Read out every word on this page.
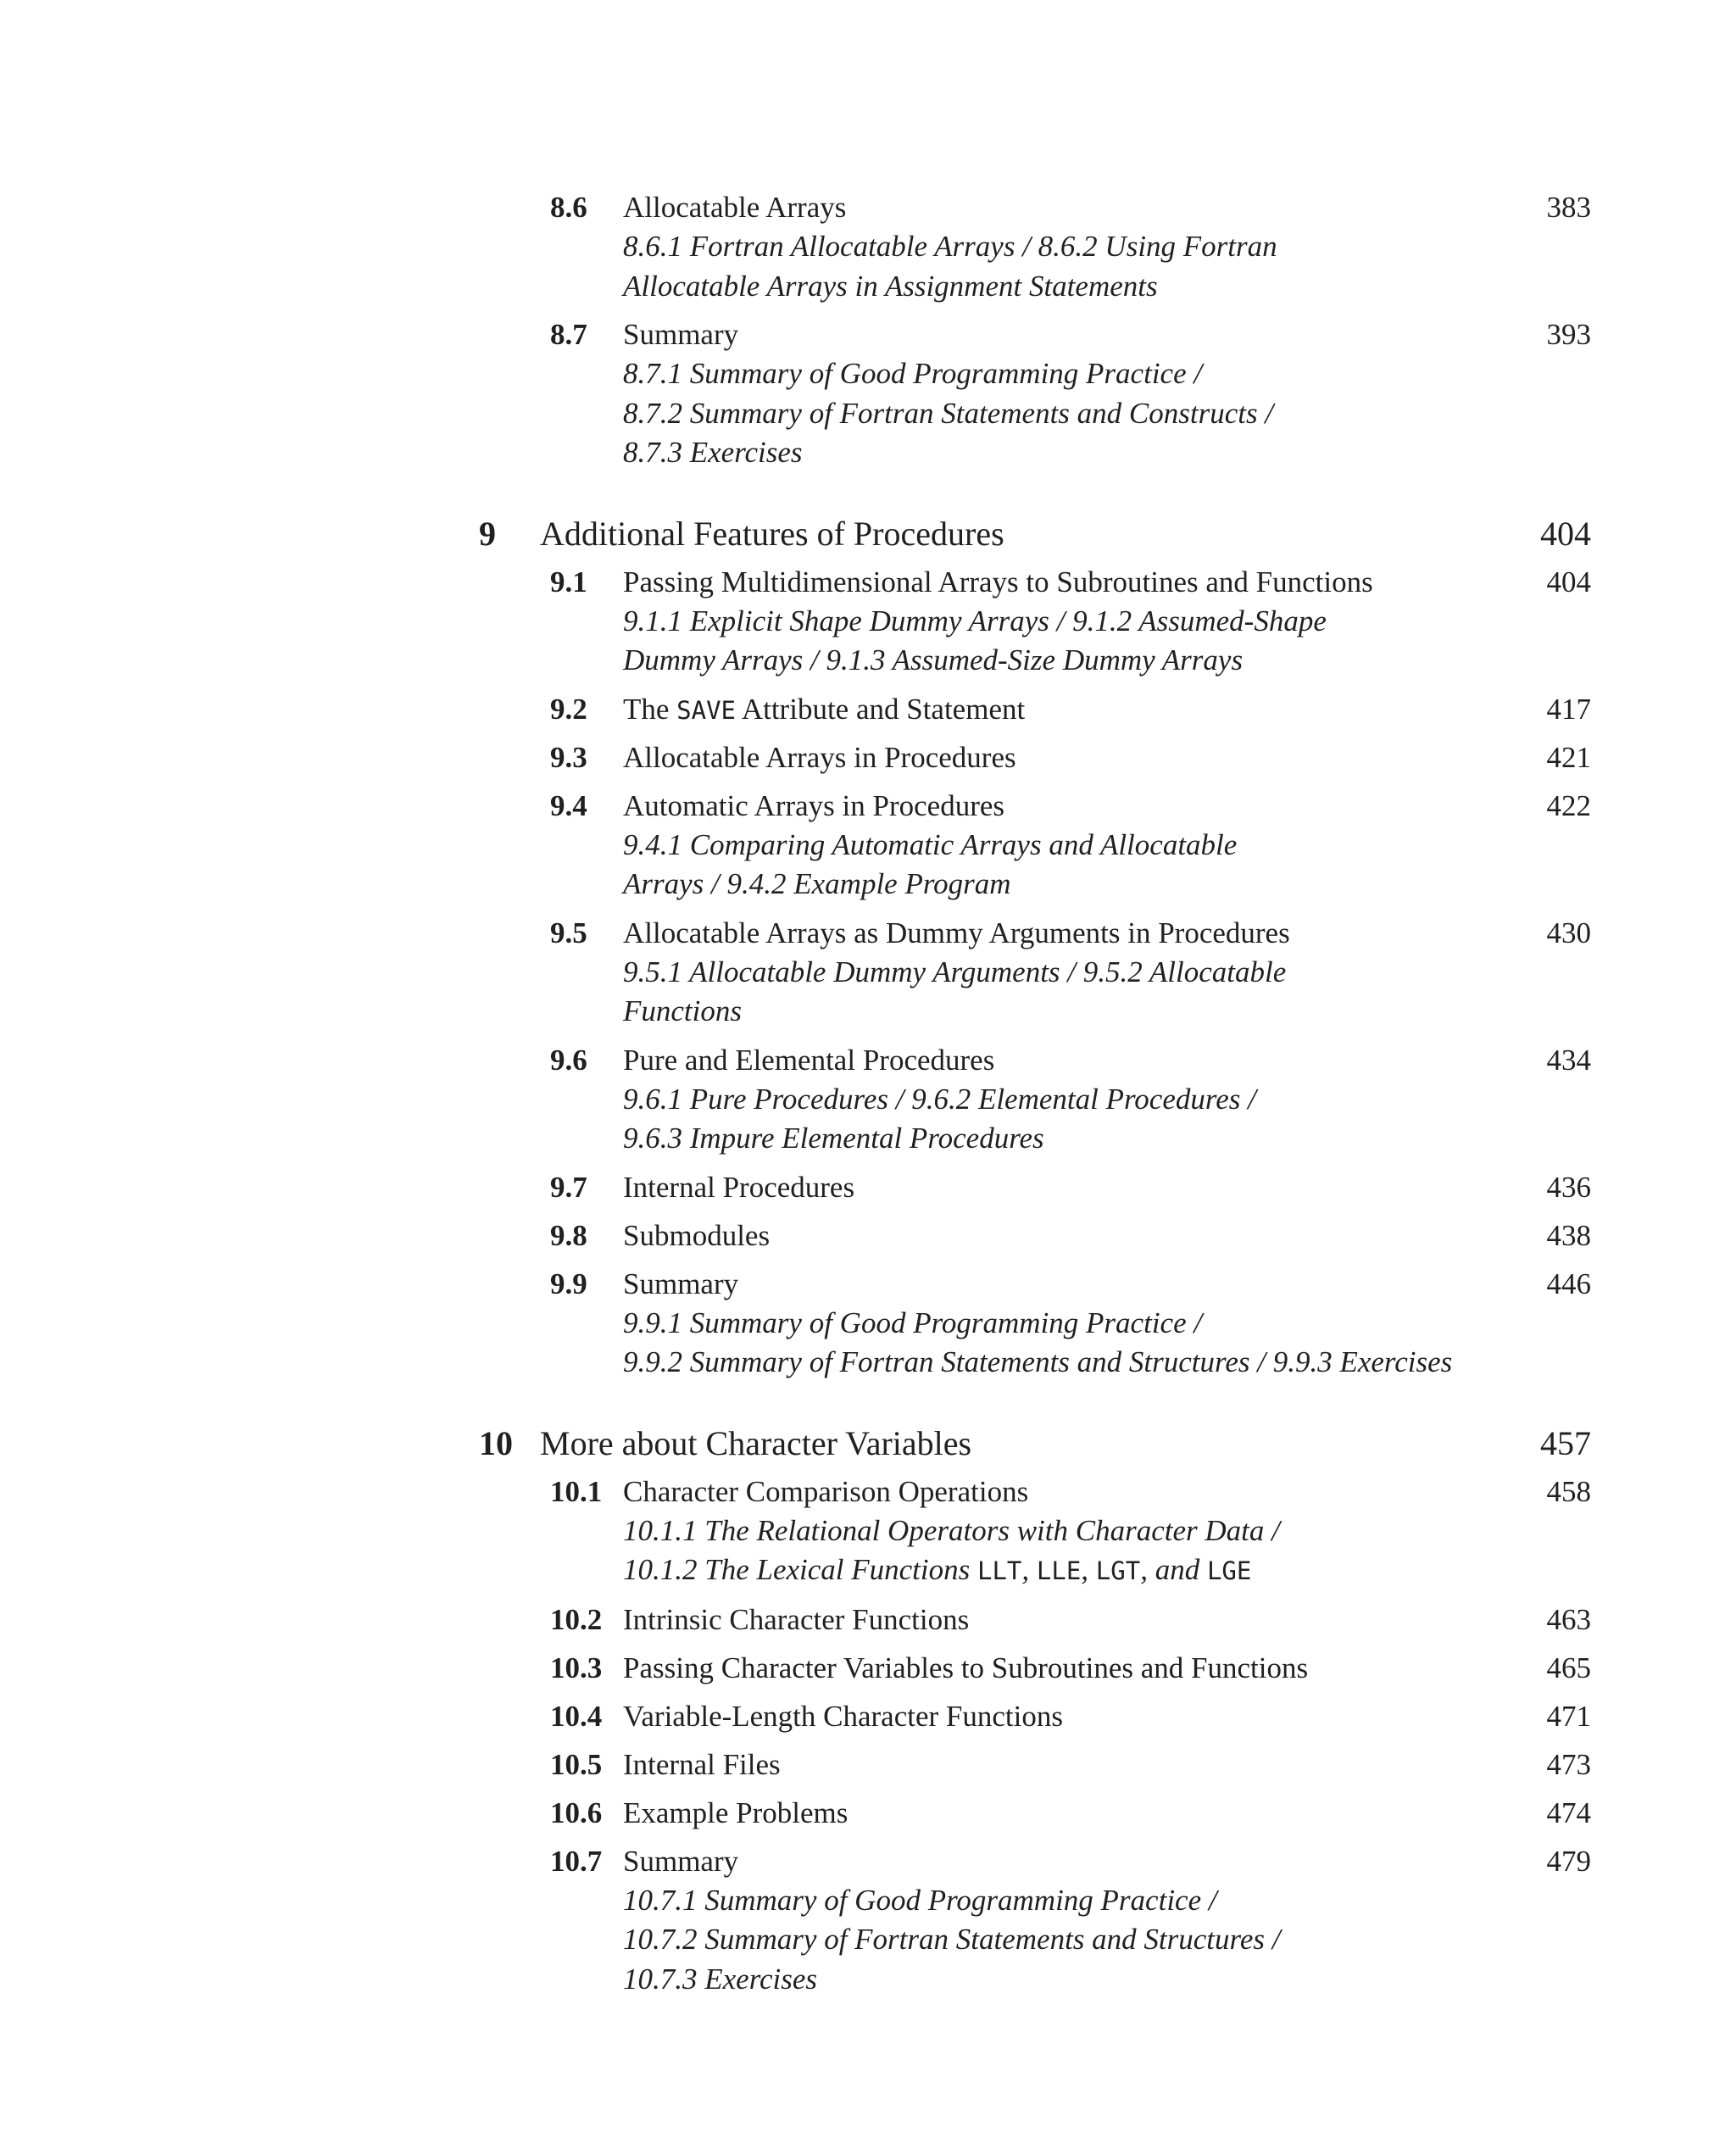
8.6 Allocatable Arrays	383
8.6.1 Fortran Allocatable Arrays / 8.6.2 Using Fortran
Allocatable Arrays in Assignment Statements
8.7 Summary	393
8.7.1 Summary of Good Programming Practice /
8.7.2 Summary of Fortran Statements and Constructs /
8.7.3 Exercises
9 Additional Features of Procedures	404
9.1 Passing Multidimensional Arrays to Subroutines and Functions	404
9.1.1 Explicit Shape Dummy Arrays / 9.1.2 Assumed-Shape
Dummy Arrays / 9.1.3 Assumed-Size Dummy Arrays
9.2 The SAVE Attribute and Statement	417
9.3 Allocatable Arrays in Procedures	421
9.4 Automatic Arrays in Procedures	422
9.4.1 Comparing Automatic Arrays and Allocatable
Arrays / 9.4.2 Example Program
9.5 Allocatable Arrays as Dummy Arguments in Procedures	430
9.5.1 Allocatable Dummy Arguments / 9.5.2 Allocatable
Functions
9.6 Pure and Elemental Procedures	434
9.6.1 Pure Procedures / 9.6.2 Elemental Procedures /
9.6.3 Impure Elemental Procedures
9.7 Internal Procedures	436
9.8 Submodules	438
9.9 Summary	446
9.9.1 Summary of Good Programming Practice /
9.9.2 Summary of Fortran Statements and Structures / 9.9.3 Exercises
10 More about Character Variables	457
10.1 Character Comparison Operations	458
10.1.1 The Relational Operators with Character Data /
10.1.2 The Lexical Functions LLT, LLE, LGT, and LGE
10.2 Intrinsic Character Functions	463
10.3 Passing Character Variables to Subroutines and Functions	465
10.4 Variable-Length Character Functions	471
10.5 Internal Files	473
10.6 Example Problems	474
10.7 Summary	479
10.7.1 Summary of Good Programming Practice /
10.7.2 Summary of Fortran Statements and Structures /
10.7.3 Exercises
